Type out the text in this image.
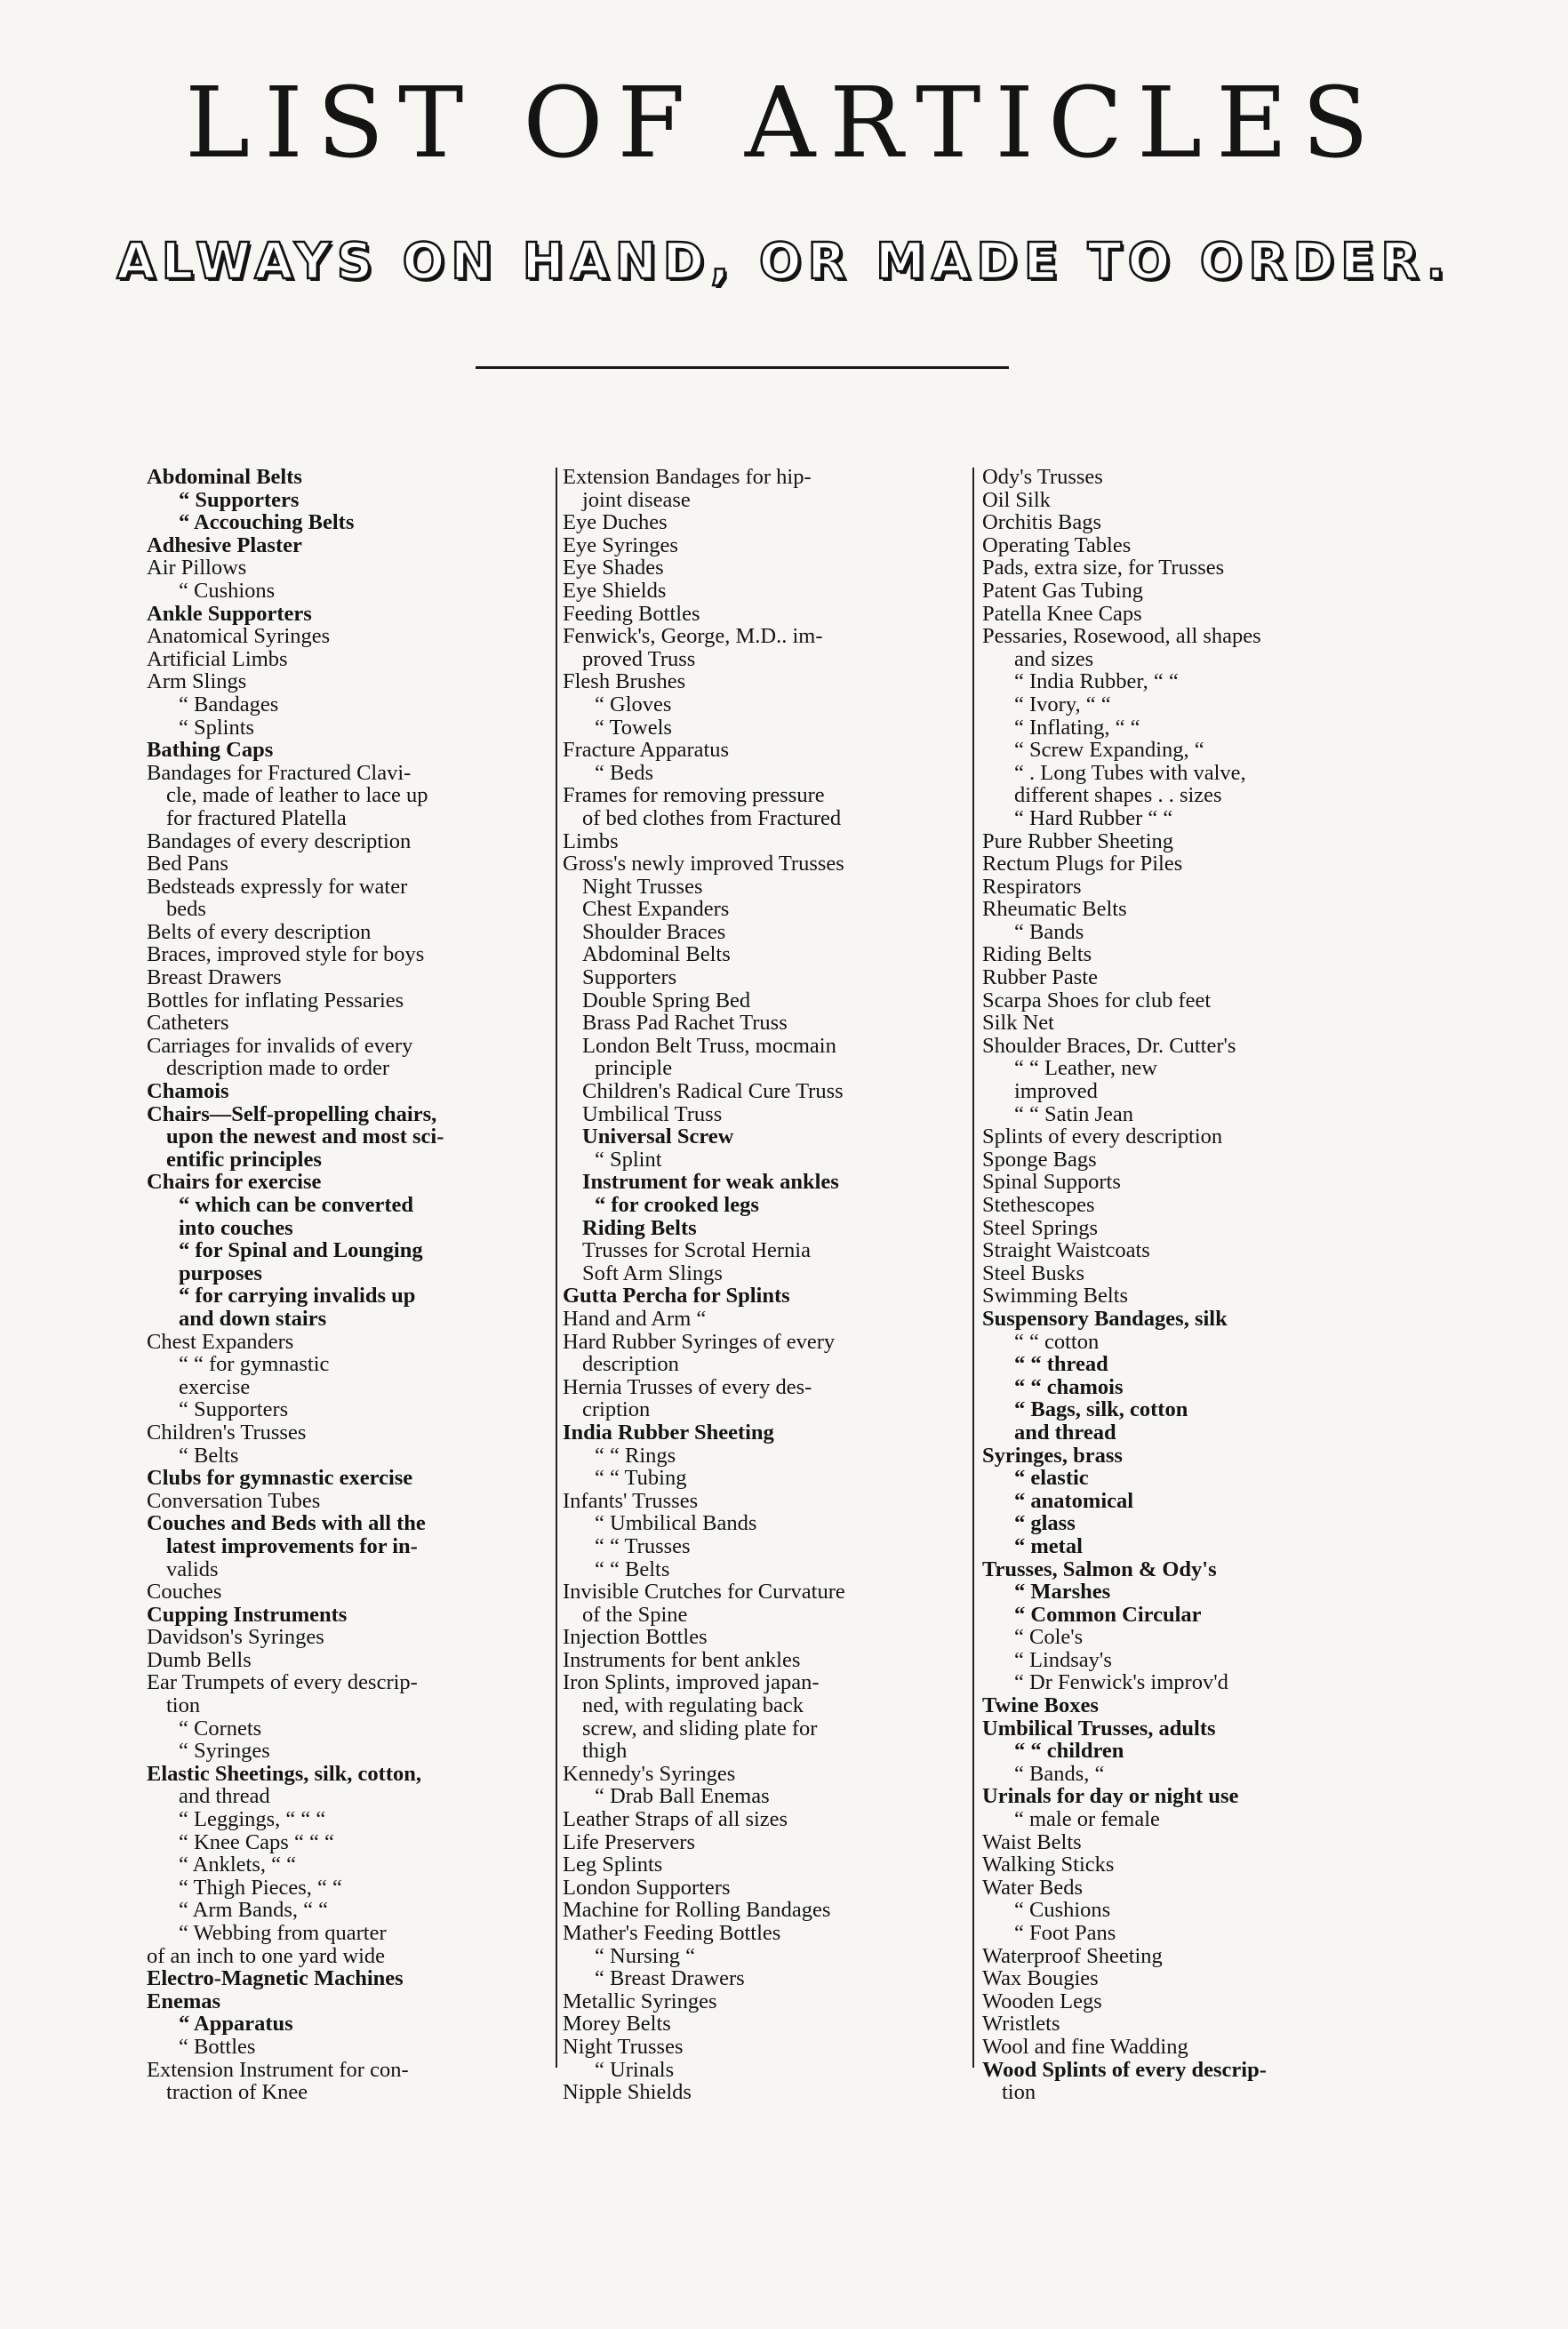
LIST OF ARTICLES
ALWAYS ON HAND, OR MADE TO ORDER.
Abdominal Belts
“ Supporters
“ Accouching Belts
Adhesive Plaster
Air Pillows
“ Cushions
Ankle Supporters
Anatomical Syringes
Artificial Limbs
Arm Slings
“ Bandages
“ Splints
Bathing Caps
Bandages for Fractured Clavi-
cle, made of leather to lace up
for fractured Platella
Bandages of every description
Bed Pans
Bedsteads expressly for water
beds
Belts of every description
Braces, improved style for boys
Breast Drawers
Bottles for inflating Pessaries
Catheters
Carriages for invalids of every
description made to order
Chamois
Chairs—Self-propelling chairs,
upon the newest and most sci-
entific principles
Chairs for exercise
“ which can be converted
into couches
“ for Spinal and Lounging
purposes
“ for carrying invalids up
and down stairs
Chest Expanders
“ “ for gymnastic
exercise
“ Supporters
Children's Trusses
“ Belts
Clubs for gymnastic exercise
Conversation Tubes
Couches and Beds with all the
latest improvements for in-
valids
Couches
Cupping Instruments
Davidson's Syringes
Dumb Bells
Ear Trumpets of every descrip-
tion
“ Cornets
“ Syringes
Elastic Sheetings, silk, cotton,
and thread
“ Leggings, “ “ “
“ Knee Caps “ “ “
“ Anklets, “ “
“ Thigh Pieces, “ “
“ Arm Bands, “ “
“ Webbing from quarter
of an inch to one yard wide
Electro-Magnetic Machines
Enemas
“ Apparatus
“ Bottles
Extension Instrument for con-
traction of Knee
Extension Bandages for hip-
joint disease
Eye Duches
Eye Syringes
Eye Shades
Eye Shields
Feeding Bottles
Fenwick's, George, M.D.. im-
proved Truss
Flesh Brushes
“ Gloves
“ Towels
Fracture Apparatus
“ Beds
Frames for removing pressure
of bed clothes from Fractured
Limbs
Gross's newly improved Trusses
Night Trusses
Chest Expanders
Shoulder Braces
Abdominal Belts
Supporters
Double Spring Bed
Brass Pad Rachet Truss
London Belt Truss, mocmain
principle
Children's Radical Cure Truss
Umbilical Truss
Universal Screw
“ Splint
Instrument for weak ankles
“ for crooked legs
Riding Belts
Trusses for Scrotal Hernia
Soft Arm Slings
Gutta Percha for Splints
Hand and Arm “
Hard Rubber Syringes of every
description
Hernia Trusses of every des-
cription
India Rubber Sheeting
“ “ Rings
“ “ Tubing
Infants' Trusses
“ Umbilical Bands
“ “ Trusses
“ “ Belts
Invisible Crutches for Curvature
of the Spine
Injection Bottles
Instruments for bent ankles
Iron Splints, improved japan-
ned, with regulating back
screw, and sliding plate for
thigh
Kennedy's Syringes
“ Drab Ball Enemas
Leather Straps of all sizes
Life Preservers
Leg Splints
London Supporters
Machine for Rolling Bandages
Mather's Feeding Bottles
“ Nursing “
“ Breast Drawers
Metallic Syringes
Morey Belts
Night Trusses
“ Urinals
Nipple Shields
Ody's Trusses
Oil Silk
Orchitis Bags
Operating Tables
Pads, extra size, for Trusses
Patent Gas Tubing
Patella Knee Caps
Pessaries, Rosewood, all shapes
and sizes
“ India Rubber, “ “
“ Ivory, “ “
“ Inflating, “ “
“ Screw Expanding, “
“ . Long Tubes with valve,
different shapes . . sizes
“ Hard Rubber “ “
Pure Rubber Sheeting
Rectum Plugs for Piles
Respirators
Rheumatic Belts
“ Bands
Riding Belts
Rubber Paste
Scarpa Shoes for club feet
Silk Net
Shoulder Braces, Dr. Cutter's
“ “ Leather, new
improved
“ “ Satin Jean
Splints of every description
Sponge Bags
Spinal Supports
Stethescopes
Steel Springs
Straight Waistcoats
Steel Busks
Swimming Belts
Suspensory Bandages, silk
“ “ cotton
“ “ thread
“ “ chamois
“ Bags, silk, cotton
and thread
Syringes, brass
“ elastic
“ anatomical
“ glass
“ metal
Trusses, Salmon & Ody's
“ Marshes
“ Common Circular
“ Cole's
“ Lindsay's
“ Dr Fenwick's improv'd
Twine Boxes
Umbilical Trusses, adults
“ “ children
“ Bands, “
Urinals for day or night use
“ male or female
Waist Belts
Walking Sticks
Water Beds
“ Cushions
“ Foot Pans
Waterproof Sheeting
Wax Bougies
Wooden Legs
Wristlets
Wool and fine Wadding
Wood Splints of every descrip-
tion
